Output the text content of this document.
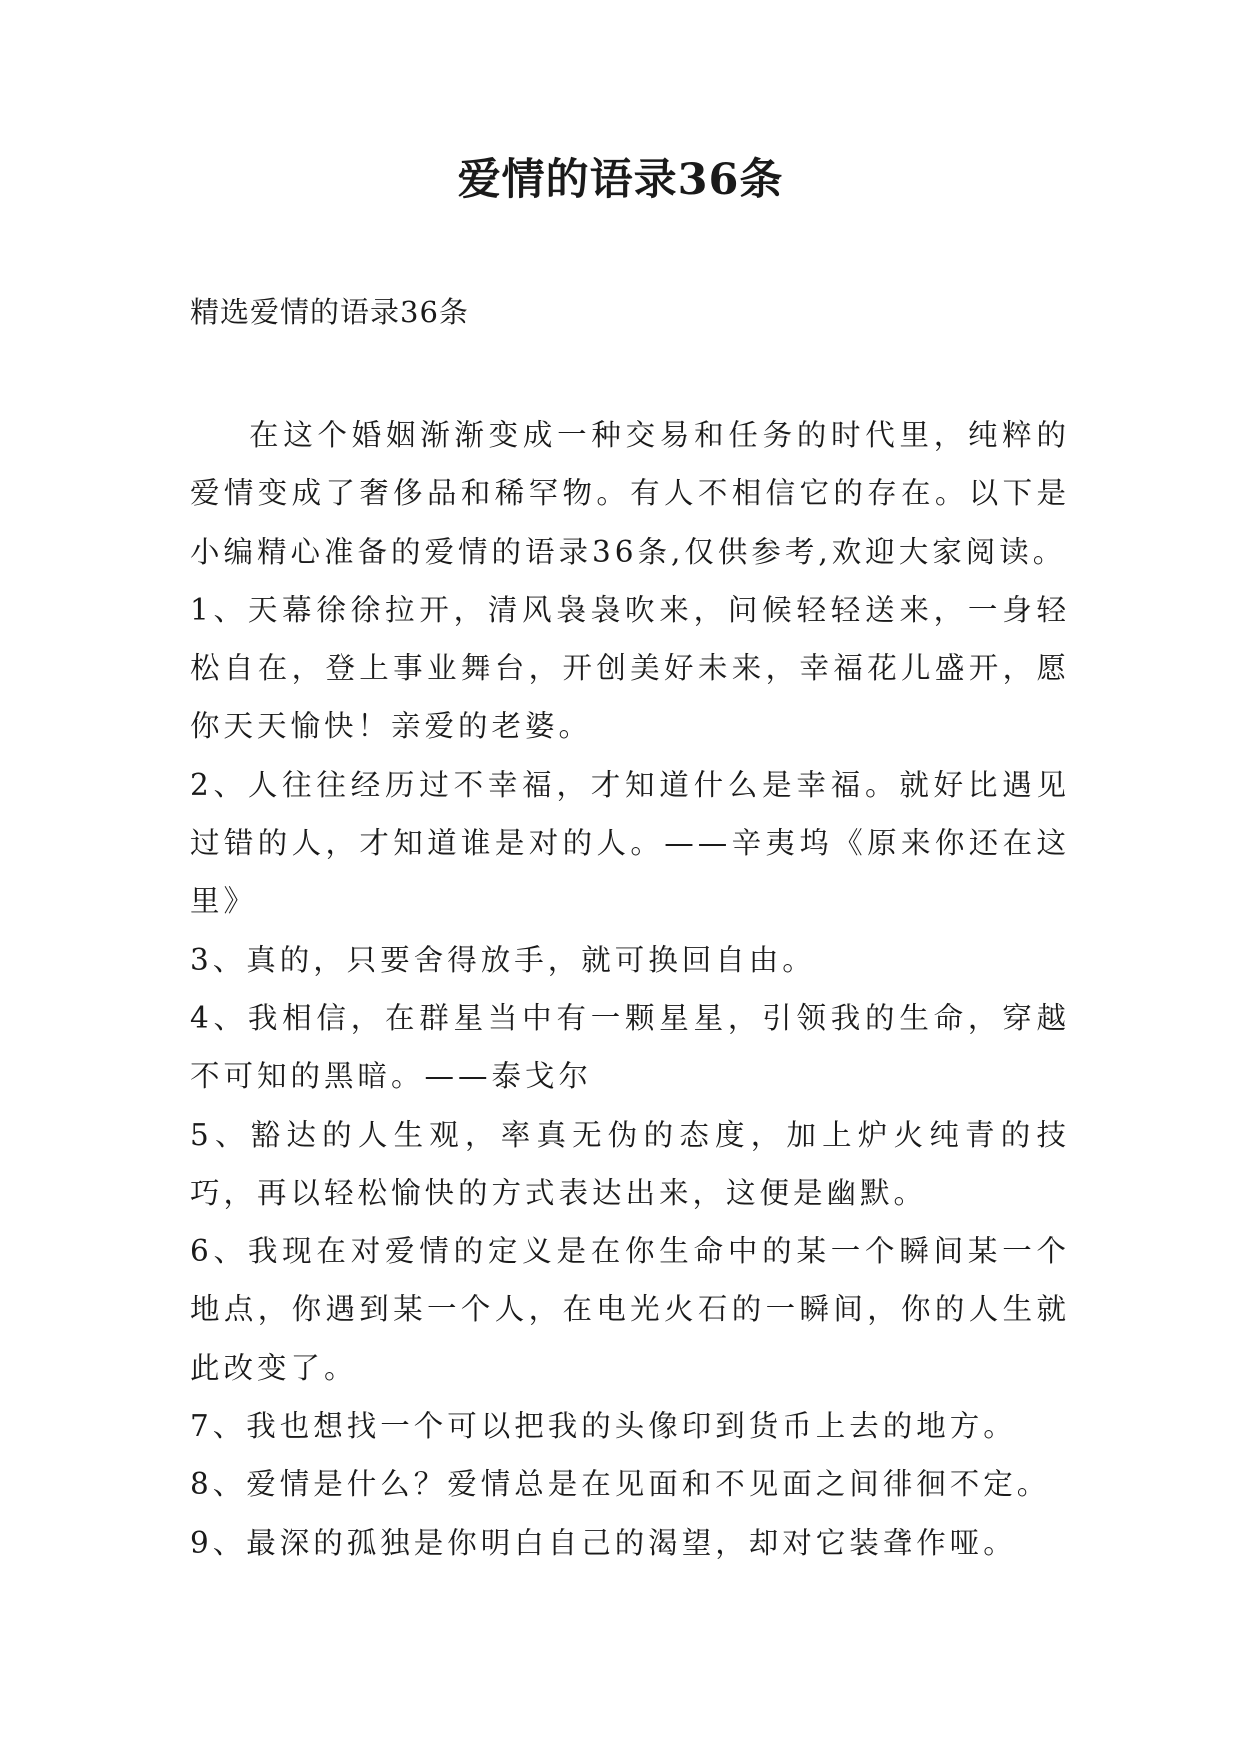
爱情的语录36条

精选爱情的语录36条

在这个婚姻渐渐变成一种交易和任务的时代里，纯粹的爱情变成了奢侈品和稀罕物。有人不相信它的存在。以下是小编精心准备的爱情的语录36条,仅供参考,欢迎大家阅读。

1、天幕徐徐拉开，清风袅袅吹来，问候轻轻送来，一身轻松自在，登上事业舞台，开创美好未来，幸福花儿盛开，愿你天天愉快！亲爱的老婆。

2、人往往经历过不幸福，才知道什么是幸福。就好比遇见过错的人，才知道谁是对的人。——辛夷坞《原来你还在这里》

3、真的，只要舍得放手，就可换回自由。

4、我相信，在群星当中有一颗星星，引领我的生命，穿越不可知的黑暗。——泰戈尔

5、豁达的人生观，率真无伪的态度，加上炉火纯青的技巧，再以轻松愉快的方式表达出来，这便是幽默。

6、我现在对爱情的定义是在你生命中的某一个瞬间某一个地点，你遇到某一个人，在电光火石的一瞬间，你的人生就此改变了。

7、我也想找一个可以把我的头像印到货币上去的地方。

8、爱情是什么？爱情总是在见面和不见面之间徘徊不定。

9、最深的孤独是你明白自己的渴望，却对它装聋作哑。
